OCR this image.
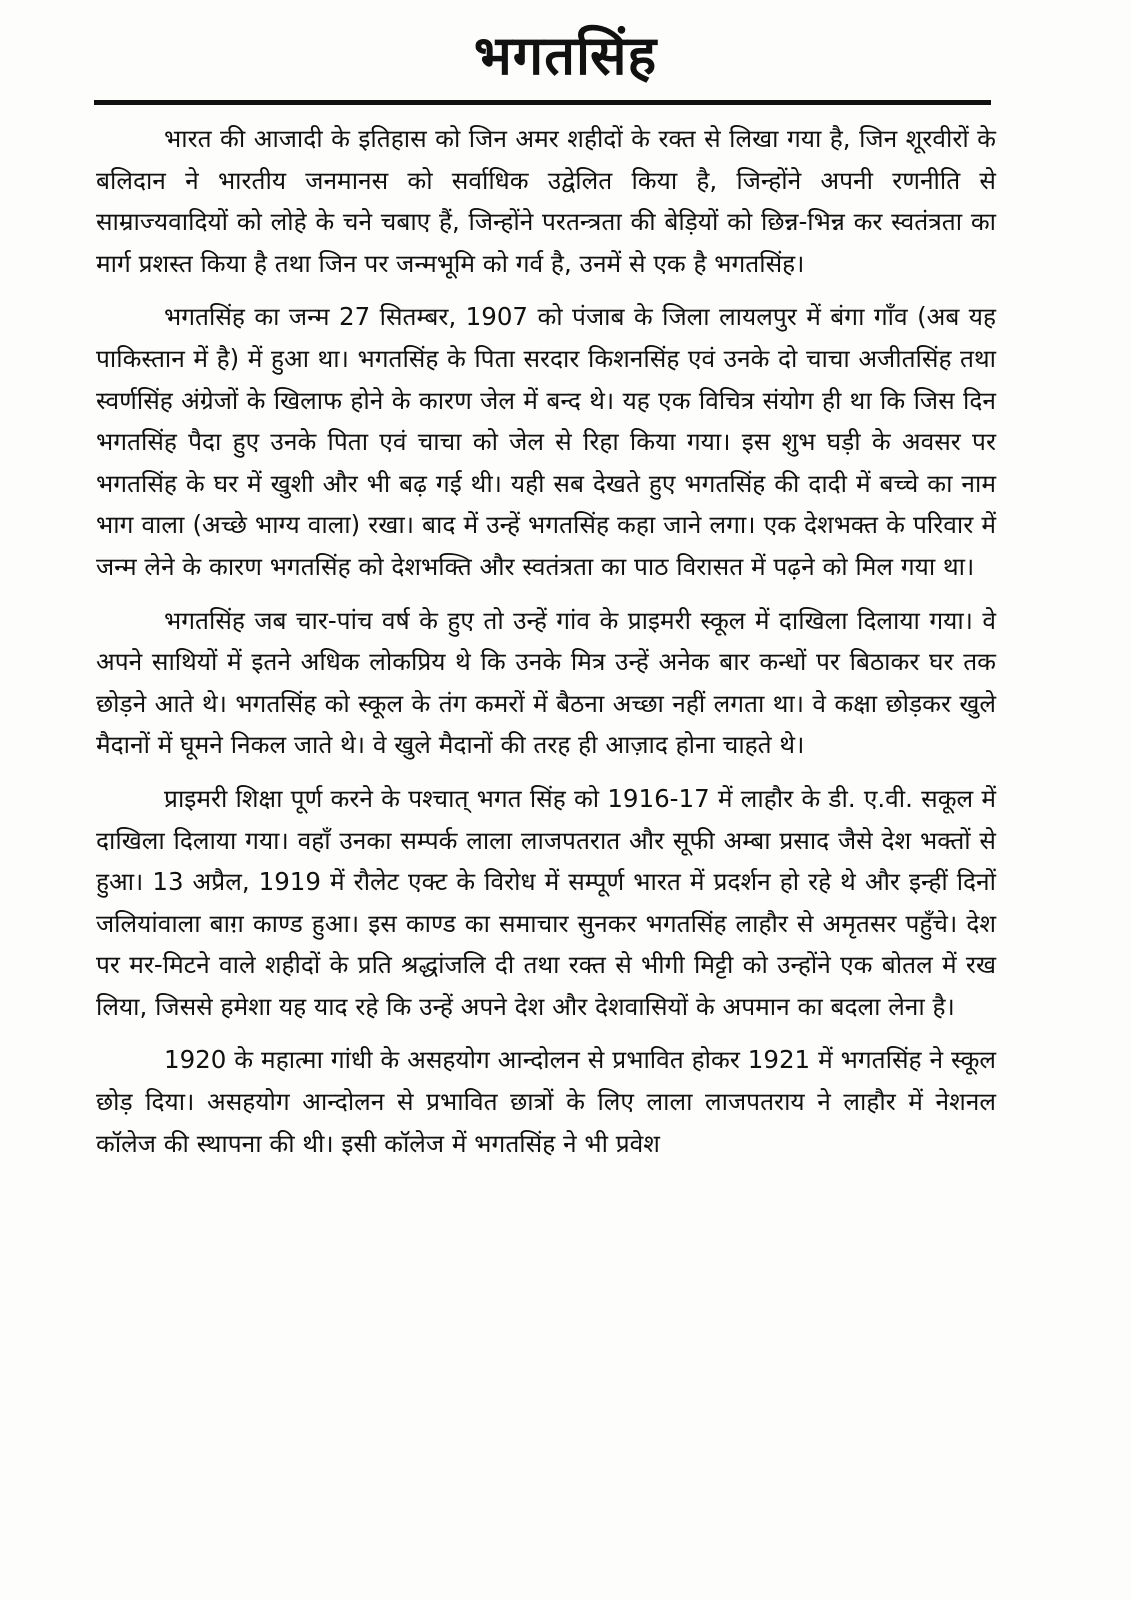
भगतसिंह

भारत की आजादी के इतिहास को जिन अमर शहीदों के रक्त से लिखा गया है, जिन शूरवीरों के बलिदान ने भारतीय जनमानस को सर्वाधिक उद्वेलित किया है, जिन्होंने अपनी रणनीति से साम्राज्यवादियों को लोहे के चने चबाए हैं, जिन्होंने परतन्त्रता की बेड़ियों को छिन्न-भिन्न कर स्वतंत्रता का मार्ग प्रशस्त किया है तथा जिन पर जन्मभूमि को गर्व है, उनमें से एक है भगतसिंह।

भगतसिंह का जन्म 27 सितम्बर, 1907 को पंजाब के जिला लायलपुर में बंगा गाँव (अब यह पाकिस्तान में है) में हुआ था। भगतसिंह के पिता सरदार किशनसिंह एवं उनके दो चाचा अजीतसिंह तथा स्वर्णसिंह अंग्रेजों के खिलाफ होने के कारण जेल में बन्द थे। यह एक विचित्र संयोग ही था कि जिस दिन भगतसिंह पैदा हुए उनके पिता एवं चाचा को जेल से रिहा किया गया। इस शुभ घड़ी के अवसर पर भगतसिंह के घर में खुशी और भी बढ़ गई थी। यही सब देखते हुए भगतसिंह की दादी में बच्चे का नाम भाग वाला (अच्छे भाग्य वाला) रखा। बाद में उन्हें भगतसिंह कहा जाने लगा। एक देशभक्त के परिवार में जन्म लेने के कारण भगतसिंह को देशभक्ति और स्वतंत्रता का पाठ विरासत में पढ़ने को मिल गया था।

भगतसिंह जब चार-पांच वर्ष के हुए तो उन्हें गांव के प्राइमरी स्कूल में दाखिला दिलाया गया। वे अपने साथियों में इतने अधिक लोकप्रिय थे कि उनके मित्र उन्हें अनेक बार कन्धों पर बिठाकर घर तक छोड़ने आते थे। भगतसिंह को स्कूल के तंग कमरों में बैठना अच्छा नहीं लगता था। वे कक्षा छोड़कर खुले मैदानों में घूमने निकल जाते थे। वे खुले मैदानों की तरह ही आज़ाद होना चाहते थे।

प्राइमरी शिक्षा पूर्ण करने के पश्चात् भगत सिंह को 1916-17 में लाहौर के डी. ए.वी. सकूल में दाखिला दिलाया गया। वहाँ उनका सम्पर्क लाला लाजपतरात और सूफी अम्बा प्रसाद जैसे देश भक्तों से हुआ। 13 अप्रैल, 1919 में रौलेट एक्ट के विरोध में सम्पूर्ण भारत में प्रदर्शन हो रहे थे और इन्हीं दिनों जलियांवाला बाग़ काण्ड हुआ। इस काण्ड का समाचार सुनकर भगतसिंह लाहौर से अमृतसर पहुँचे। देश पर मर-मिटने वाले शहीदों के प्रति श्रद्धांजलि दी तथा रक्त से भीगी मिट्टी को उन्होंने एक बोतल में रख लिया, जिससे हमेशा यह याद रहे कि उन्हें अपने देश और देशवासियों के अपमान का बदला लेना है।

1920 के महात्मा गांधी के असहयोग आन्दोलन से प्रभावित होकर 1921 में भगतसिंह ने स्कूल छोड़ दिया। असहयोग आन्दोलन से प्रभावित छात्रों के लिए लाला लाजपतराय ने लाहौर में नेशनल कॉलेज की स्थापना की थी। इसी कॉलेज में भगतसिंह ने भी प्रवेश
